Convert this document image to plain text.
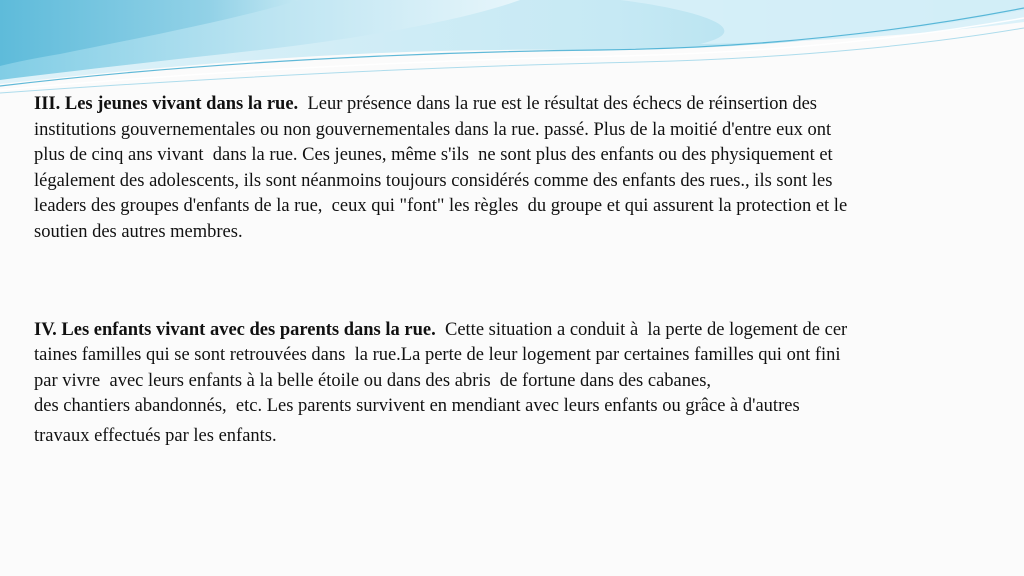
III. Les jeunes vivant dans la rue.  Leur présence dans la rue est le résultat des échecs de réinsertion des
institutions gouvernementales ou non gouvernementales dans la rue. passé. Plus de la moitié d'entre eux ont
plus de cinq ans vivant  dans la rue. Ces jeunes, même s'ils  ne sont plus des enfants ou des physiquement et
légalement des adolescents, ils sont néanmoins toujours considérés comme des enfants des rues., ils sont les
leaders des groupes d'enfants de la rue,  ceux qui "font" les règles  du groupe et qui assurent la protection et le
soutien des autres membres.

IV. Les enfants vivant avec des parents dans la rue.  Cette situation a conduit à  la perte de logement de cer
taines familles qui se sont retrouvées dans  la rue.La perte de leur logement par certaines familles qui ont fini
par vivre  avec leurs enfants à la belle étoile ou dans des abris  de fortune dans des cabanes,
des chantiers abandonnés,  etc. Les parents survivent en mendiant avec leurs enfants ou grâce à d'autres
travaux effectués par les enfants.
